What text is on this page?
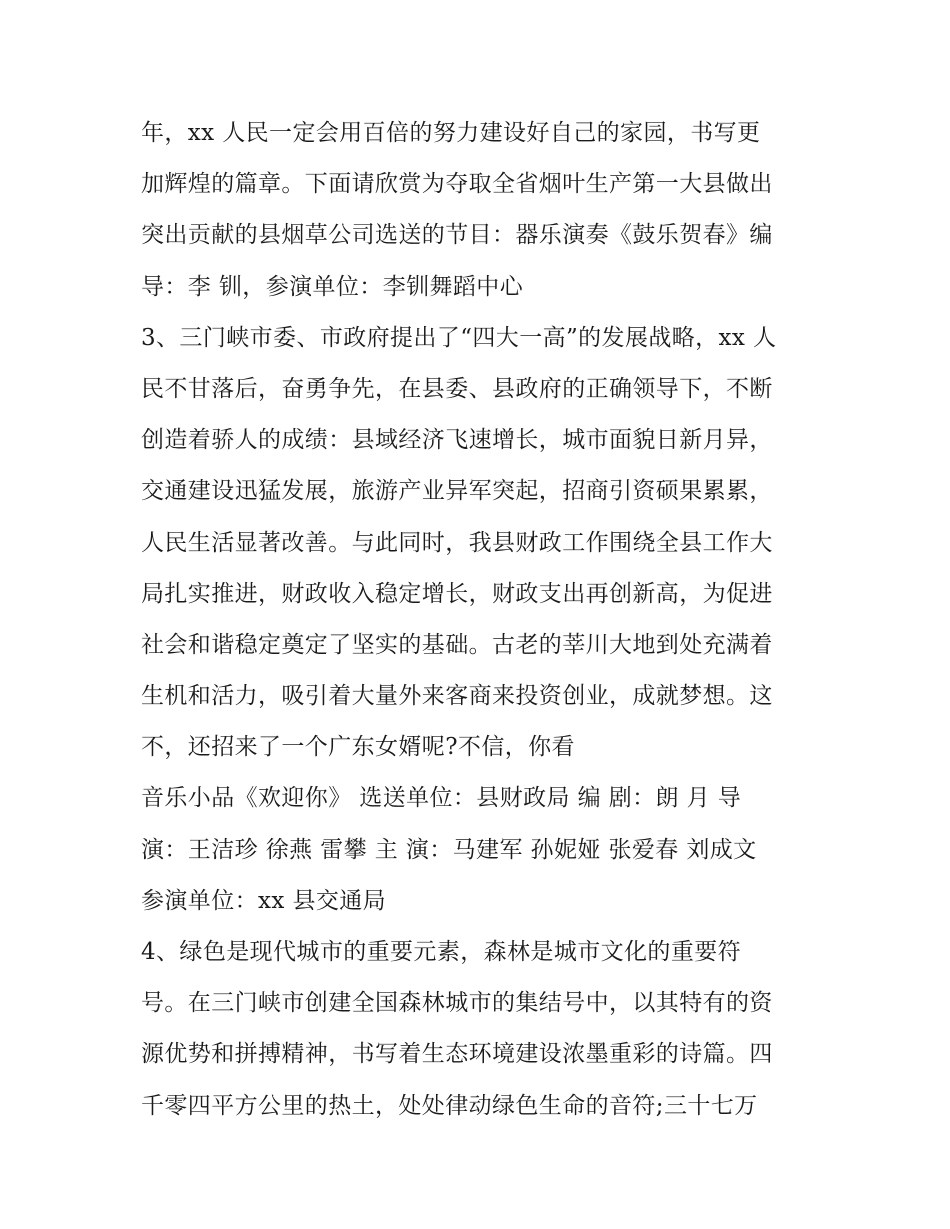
年，xx 人民一定会用百倍的努力建设好自己的家园，书写更
加辉煌的篇章。下面请欣赏为夺取全省烟叶生产第一大县做出
突出贡献的县烟草公司选送的节目：器乐演奏《鼓乐贺春》编
导：李 钏，参演单位：李钏舞蹈中心
3、三门峡市委、市政府提出了“四大一高”的发展战略，xx 人
民不甘落后，奋勇争先，在县委、县政府的正确领导下，不断
创造着骄人的成绩：县域经济飞速增长，城市面貌日新月异，
交通建设迅猛发展，旅游产业异军突起，招商引资硕果累累，
人民生活显著改善。与此同时，我县财政工作围绕全县工作大
局扎实推进，财政收入稳定增长，财政支出再创新高，为促进
社会和谐稳定奠定了坚实的基础。古老的莘川大地到处充满着
生机和活力，吸引着大量外来客商来投资创业，成就梦想。这
不，还招来了一个广东女婿呢?不信，你看
音乐小品《欢迎你》 选送单位：县财政局 编 剧：朗 月 导
演：王洁珍 徐燕 雷攀 主 演：马建军 孙妮娅 张爱春 刘成文
参演单位：xx 县交通局
4、绿色是现代城市的重要元素，森林是城市文化的重要符
号。在三门峡市创建全国森林城市的集结号中，以其特有的资
源优势和拼搏精神，书写着生态环境建设浓墨重彩的诗篇。四
千零四平方公里的热土，处处律动绿色生命的音符;三十七万
